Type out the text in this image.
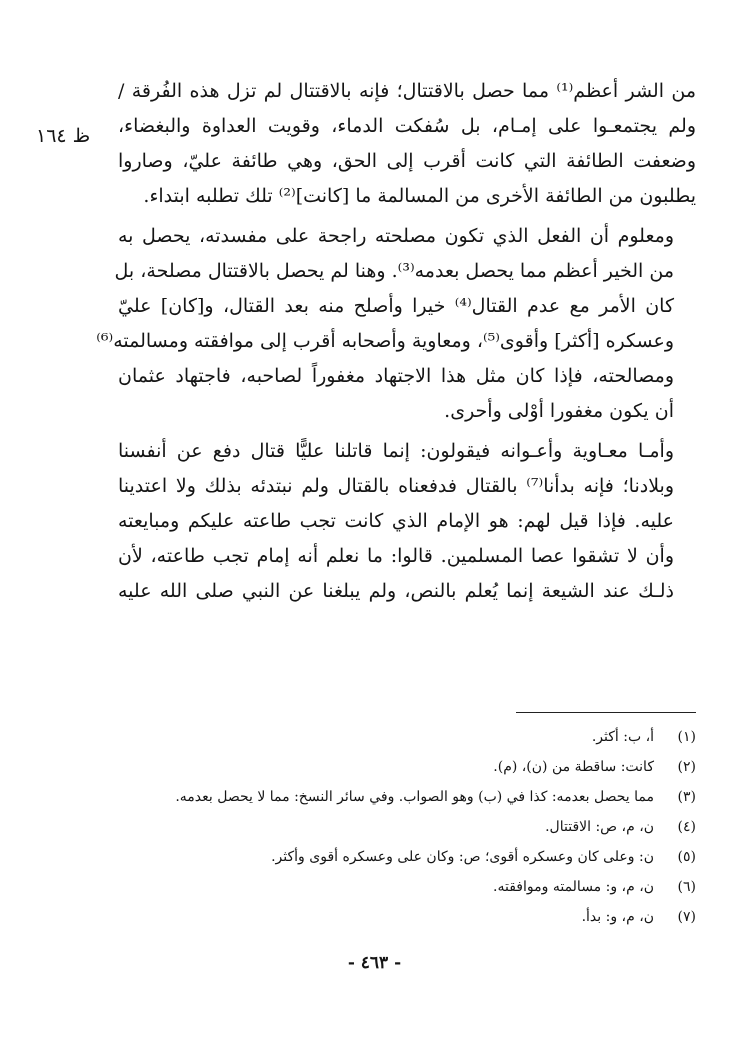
ظ ١٦٤

من الشر أعظم⁽¹⁾ مما حصل بالاقتتال؛ فإنه بالاقتتال لم تزل هذه الفُرقة /
ولم يجتمعـوا على إمـام، بل سُفكت الدماء، وقويت العداوة والبغضاء،
وضعفت الطائفة التي كانت أقرب إلى الحق، وهي طائفة عليّ، وصاروا
يطلبون من الطائفة الأخرى من المسالمة ما [كانت]⁽²⁾ تلك تطلبه ابتداء.

ومعلوم أن الفعل الذي تكون مصلحته راجحة على مفسدته، يحصل به
من الخير أعظم مما يحصل بعدمه⁽³⁾. وهنا لم يحصل بالاقتتال مصلحة، بل
كان الأمر مع عدم القتال⁽⁴⁾ خيرا وأصلح منه بعد القتال، و[كان] عليّ
وعسكره [أكثر] وأقوى⁽⁵⁾، ومعاوية وأصحابه أقرب إلى موافقته ومسالمته⁽⁶⁾
ومصالحته، فإذا كان مثل هذا الاجتهاد مغفوراً لصاحبه، فاجتهاد عثمان
أن يكون مغفورا أوْلى وأحرى.

وأمـا معـاوية وأعـوانه فيقولون: إنما قاتلنا عليًّا قتال دفع عن أنفسنا
وبلادنا؛ فإنه بدأنا⁽⁷⁾ بالقتال فدفعناه بالقتال ولم نبتدئه بذلك ولا اعتدينا
عليه. فإذا قيل لهم: هو الإمام الذي كانت تجب طاعته عليكم ومبايعته
وأن لا تشقوا عصا المسلمين. قالوا: ما نعلم أنه إمام تجب طاعته، لأن
ذلـك عند الشيعة إنما يُعلم بالنص، ولم يبلغنا عن النبي صلى الله عليه

(١)
أ، ب: أكثر.
(٢)
كانت: ساقطة من (ن)، (م).
(٣)
مما يحصل بعدمه: كذا في (ب) وهو الصواب. وفي سائر النسخ: مما لا يحصل بعدمه.
(٤)
ن، م، ص: الاقتتال.
(٥)
ن: وعلى كان وعسكره أقوى؛ ص: وكان على وعسكره أقوى وأكثر.
(٦)
ن، م، و: مسالمته وموافقته.
(٧)
ن، م، و: بدأ.
- ٤٦٣ -
